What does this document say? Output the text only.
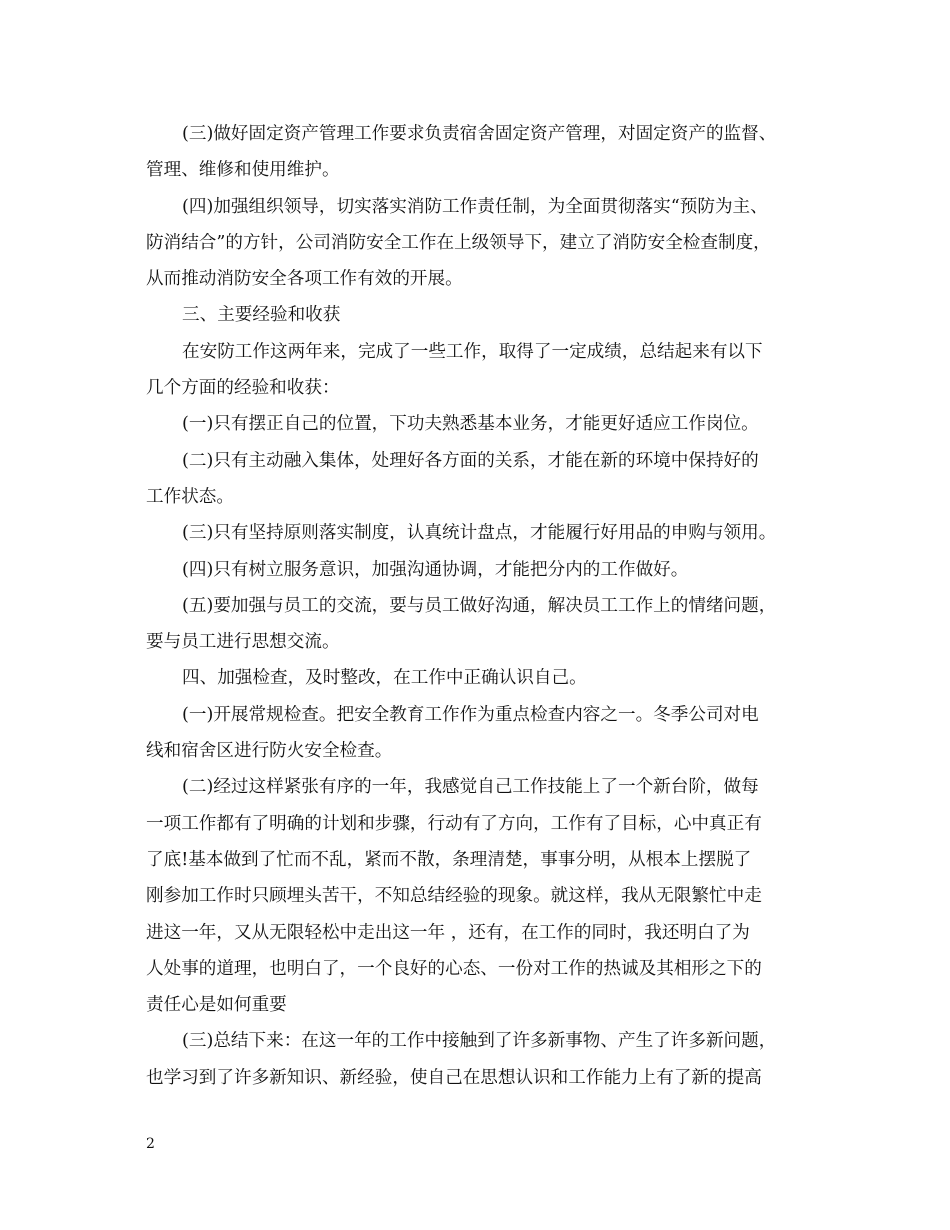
(三)做好固定资产管理工作要求负责宿舍固定资产管理，对固定资产的监督、
管理、维修和使用维护。
(四)加强组织领导，切实落实消防工作责任制，为全面贯彻落实“预防为主、
防消结合”的方针，公司消防安全工作在上级领导下，建立了消防安全检查制度，
从而推动消防安全各项工作有效的开展。
三、主要经验和收获
在安防工作这两年来，完成了一些工作，取得了一定成绩，总结起来有以下
几个方面的经验和收获：
(一)只有摆正自己的位置，下功夫熟悉基本业务，才能更好适应工作岗位。
(二)只有主动融入集体，处理好各方面的关系，才能在新的环境中保持好的
工作状态。
(三)只有坚持原则落实制度，认真统计盘点，才能履行好用品的申购与领用。
(四)只有树立服务意识，加强沟通协调，才能把分内的工作做好。
(五)要加强与员工的交流，要与员工做好沟通，解决员工工作上的情绪问题，
要与员工进行思想交流。
四、加强检查，及时整改，在工作中正确认识自己。
(一)开展常规检查。把安全教育工作作为重点检查内容之一。冬季公司对电
线和宿舍区进行防火安全检查。
(二)经过这样紧张有序的一年，我感觉自己工作技能上了一个新台阶，做每
一项工作都有了明确的计划和步骤，行动有了方向，工作有了目标，心中真正有
了底!基本做到了忙而不乱，紧而不散，条理清楚，事事分明，从根本上摆脱了
刚参加工作时只顾埋头苦干，不知总结经验的现象。就这样，我从无限繁忙中走
进这一年，又从无限轻松中走出这一年 ，还有，在工作的同时，我还明白了为
人处事的道理，也明白了，一个良好的心态、一份对工作的热诚及其相形之下的
责任心是如何重要
(三)总结下来：在这一年的工作中接触到了许多新事物、产生了许多新问题，
也学习到了许多新知识、新经验，使自己在思想认识和工作能力上有了新的提高
2
